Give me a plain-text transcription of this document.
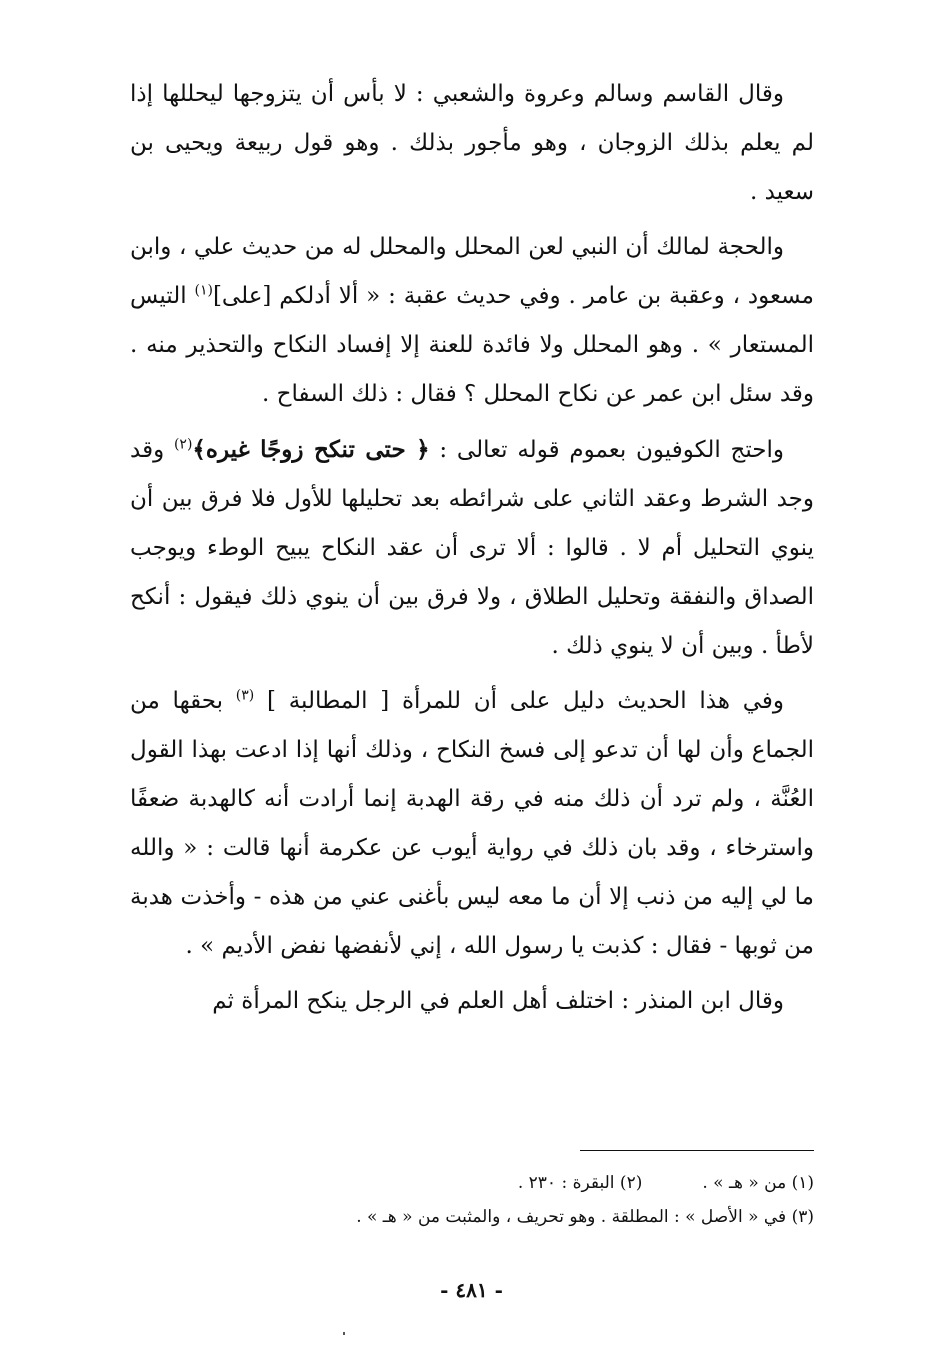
وقال القاسم وسالم وعروة والشعبي : لا بأس أن يتزوجها ليحللها إذا لم يعلم بذلك الزوجان ، وهو مأجور بذلك . وهو قول ربيعة ويحيى بن سعيد .

والحجة لمالك أن النبي لعن المحلل والمحلل له من حديث علي ، وابن مسعود ، وعقبة بن عامر . وفي حديث عقبة : « ألا أدلكم [على]$^{(١)}$ التيس المستعار » . وهو المحلل ولا فائدة للعنة إلا إفساد النكاح والتحذير منه . وقد سئل ابن عمر عن نكاح المحلل ؟ فقال : ذلك السفاح .

واحتج الكوفيون بعموم قوله تعالى : ﴿ حتى تنكح زوجًا غيره﴾$^{(٢)}$ وقد وجد الشرط وعقد الثاني على شرائطه بعد تحليلها للأول فلا فرق بين أن ينوي التحليل أم لا . قالوا : ألا ترى أن عقد النكاح يبيح الوطء ويوجب الصداق والنفقة وتحليل الطلاق ، ولا فرق بين أن ينوي ذلك فيقول : أنكح لأطأ . وبين أن لا ينوي ذلك .

وفي هذا الحديث دليل على أن للمرأة [ المطالبة ] $^{(٣)}$ بحقها من الجماع وأن لها أن تدعو إلى فسخ النكاح ، وذلك أنها إذا ادعت بهذا القول العُنَّة ، ولم ترد أن ذلك منه في رقة الهدبة إنما أرادت أنه كالهدبة ضعفًا واسترخاء ، وقد بان ذلك في رواية أيوب عن عكرمة أنها قالت : « والله ما لي إليه من ذنب إلا أن ما معه ليس بأغنى عني من هذه - وأخذت هدبة من ثوبها - فقال : كذبت يا رسول الله ، إني لأنفضها نفض الأديم » .

وقال ابن المنذر : اختلف أهل العلم في الرجل ينكح المرأة ثم

(١) من « هـ » .
(٢) البقرة : ٢٣٠ .
(٣) في « الأصل » : المطلقة . وهو تحريف ، والمثبت من « هـ » .
- ٤٨١ -
